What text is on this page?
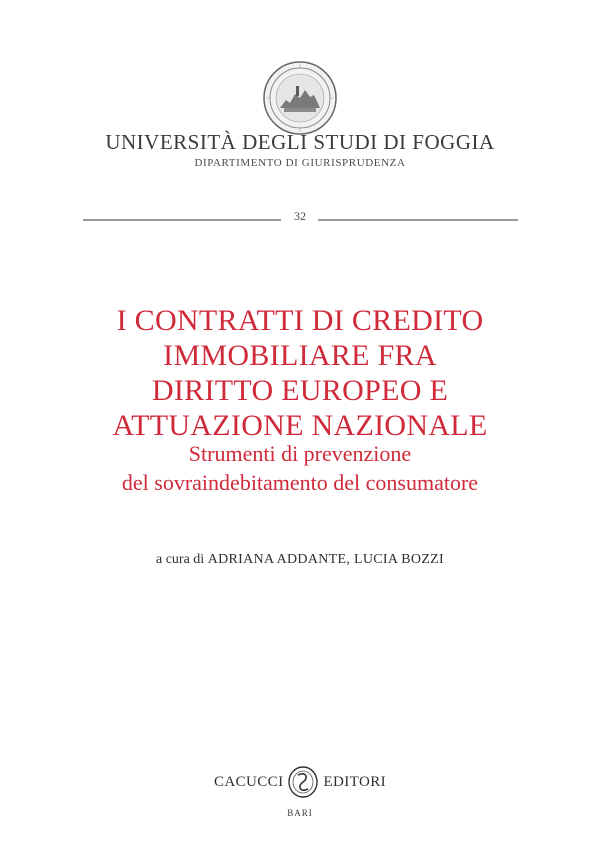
UNIVERSITÀ DEGLI STUDI DI FOGGIA
DIPARTIMENTO DI GIURISPRUDENZA
32
I CONTRATTI DI CREDITO
IMMOBILIARE FRA
DIRITTO EUROPEO E
ATTUAZIONE NAZIONALE
Strumenti di prevenzione
del sovraindebitamento del consumatore
a cura di ADRIANA ADDANTE, LUCIA BOZZI
CACUCCI	EDITORI
BARI
